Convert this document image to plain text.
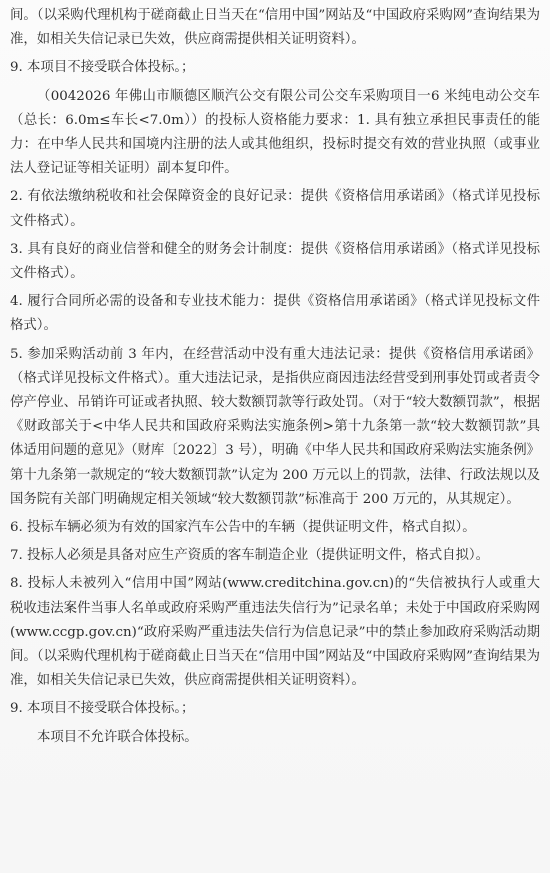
间。（以采购代理机构于磋商截止日当天在“信用中国”网站及“中国政府采购网”查询结果为准，如相关失信记录已失效，供应商需提供相关证明资料）。

9. 本项目不接受联合体投标。；

（0042026 年佛山市顺德区顺汽公交有限公司公交车采购项目一6 米纯电动公交车（总长：6.0m≤车长<7.0m））的投标人资格能力要求：1. 具有独立承担民事责任的能力：在中华人民共和国境内注册的法人或其他组织，投标时提交有效的营业执照（或事业法人登记证等相关证明）副本复印件。

2. 有依法缴纳税收和社会保障资金的良好记录：提供《资格信用承诺函》（格式详见投标文件格式）。

3. 具有良好的商业信誉和健全的财务会计制度：提供《资格信用承诺函》（格式详见投标文件格式）。

4. 履行合同所必需的设备和专业技术能力：提供《资格信用承诺函》（格式详见投标文件格式）。

5. 参加采购活动前 3 年内，在经营活动中没有重大违法记录：提供《资格信用承诺函》（格式详见投标文件格式）。重大违法记录，是指供应商因违法经营受到刑事处罚或者责令停产停业、吊销许可证或者执照、较大数额罚款等行政处罚。（对于“较大数额罚款”，根据《财政部关于<中华人民共和国政府采购法实施条例>第十九条第一款“较大数额罚款”具体适用问题的意见》（财库〔2022〕3 号），明确《中华人民共和国政府采购法实施条例》第十九条第一款规定的“较大数额罚款”认定为 200 万元以上的罚款，法律、行政法规以及国务院有关部门明确规定相关领域“较大数额罚款”标准高于 200 万元的，从其规定）。

6. 投标车辆必须为有效的国家汽车公告中的车辆（提供证明文件，格式自拟）。

7. 投标人必须是具备对应生产资质的客车制造企业（提供证明文件，格式自拟）。

8. 投标人未被列入“信用中国”网站(www.creditchina.gov.cn)的“失信被执行人或重大税收违法案件当事人名单或政府采购严重违法失信行为”记录名单；未处于中国政府采购网(www.ccgp.gov.cn)“政府采购严重违法失信行为信息记录”中的禁止参加政府采购活动期间。（以采购代理机构于磋商截止日当天在“信用中国”网站及“中国政府采购网”查询结果为准，如相关失信记录已失效，供应商需提供相关证明资料）。

9. 本项目不接受联合体投标。；

本项目不允许联合体投标。
